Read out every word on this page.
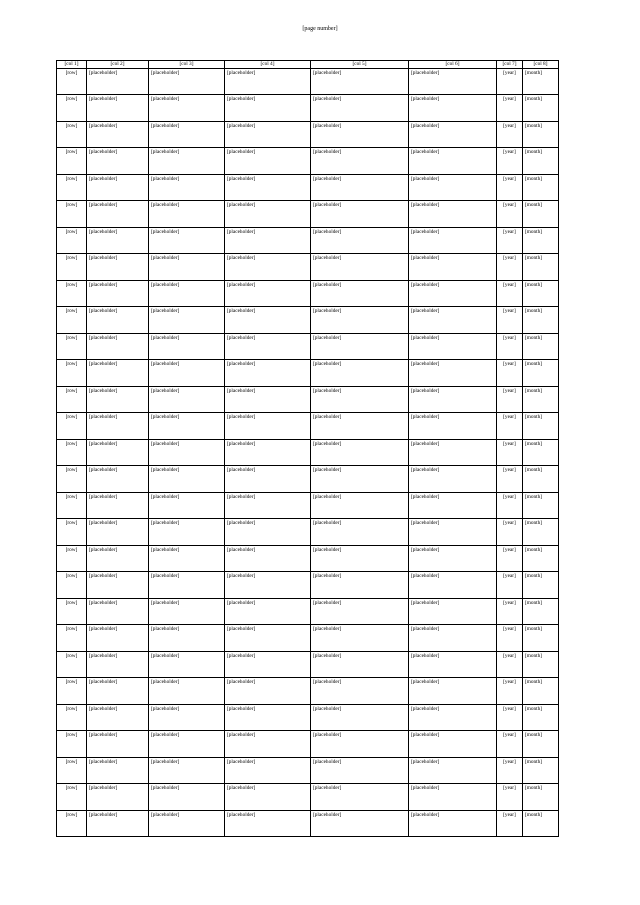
[page number]
[col 1]	[col 2]	[col 3]	[col 4]	[col 5]	[col 6]	[col 7]	[col 8]
[row]	[placeholder]	[placeholder]	[placeholder]	[placeholder]	[placeholder]	[year]	[month]
[row]	[placeholder]	[placeholder]	[placeholder]	[placeholder]	[placeholder]	[year]	[month]
[row]	[placeholder]	[placeholder]	[placeholder]	[placeholder]	[placeholder]	[year]	[month]
[row]	[placeholder]	[placeholder]	[placeholder]	[placeholder]	[placeholder]	[year]	[month]
[row]	[placeholder]	[placeholder]	[placeholder]	[placeholder]	[placeholder]	[year]	[month]
[row]	[placeholder]	[placeholder]	[placeholder]	[placeholder]	[placeholder]	[year]	[month]
[row]	[placeholder]	[placeholder]	[placeholder]	[placeholder]	[placeholder]	[year]	[month]
[row]	[placeholder]	[placeholder]	[placeholder]	[placeholder]	[placeholder]	[year]	[month]
[row]	[placeholder]	[placeholder]	[placeholder]	[placeholder]	[placeholder]	[year]	[month]
[row]	[placeholder]	[placeholder]	[placeholder]	[placeholder]	[placeholder]	[year]	[month]
[row]	[placeholder]	[placeholder]	[placeholder]	[placeholder]	[placeholder]	[year]	[month]
[row]	[placeholder]	[placeholder]	[placeholder]	[placeholder]	[placeholder]	[year]	[month]
[row]	[placeholder]	[placeholder]	[placeholder]	[placeholder]	[placeholder]	[year]	[month]
[row]	[placeholder]	[placeholder]	[placeholder]	[placeholder]	[placeholder]	[year]	[month]
[row]	[placeholder]	[placeholder]	[placeholder]	[placeholder]	[placeholder]	[year]	[month]
[row]	[placeholder]	[placeholder]	[placeholder]	[placeholder]	[placeholder]	[year]	[month]
[row]	[placeholder]	[placeholder]	[placeholder]	[placeholder]	[placeholder]	[year]	[month]
[row]	[placeholder]	[placeholder]	[placeholder]	[placeholder]	[placeholder]	[year]	[month]
[row]	[placeholder]	[placeholder]	[placeholder]	[placeholder]	[placeholder]	[year]	[month]
[row]	[placeholder]	[placeholder]	[placeholder]	[placeholder]	[placeholder]	[year]	[month]
[row]	[placeholder]	[placeholder]	[placeholder]	[placeholder]	[placeholder]	[year]	[month]
[row]	[placeholder]	[placeholder]	[placeholder]	[placeholder]	[placeholder]	[year]	[month]
[row]	[placeholder]	[placeholder]	[placeholder]	[placeholder]	[placeholder]	[year]	[month]
[row]	[placeholder]	[placeholder]	[placeholder]	[placeholder]	[placeholder]	[year]	[month]
[row]	[placeholder]	[placeholder]	[placeholder]	[placeholder]	[placeholder]	[year]	[month]
[row]	[placeholder]	[placeholder]	[placeholder]	[placeholder]	[placeholder]	[year]	[month]
[row]	[placeholder]	[placeholder]	[placeholder]	[placeholder]	[placeholder]	[year]	[month]
[row]	[placeholder]	[placeholder]	[placeholder]	[placeholder]	[placeholder]	[year]	[month]
[row]	[placeholder]	[placeholder]	[placeholder]	[placeholder]	[placeholder]	[year]	[month]
